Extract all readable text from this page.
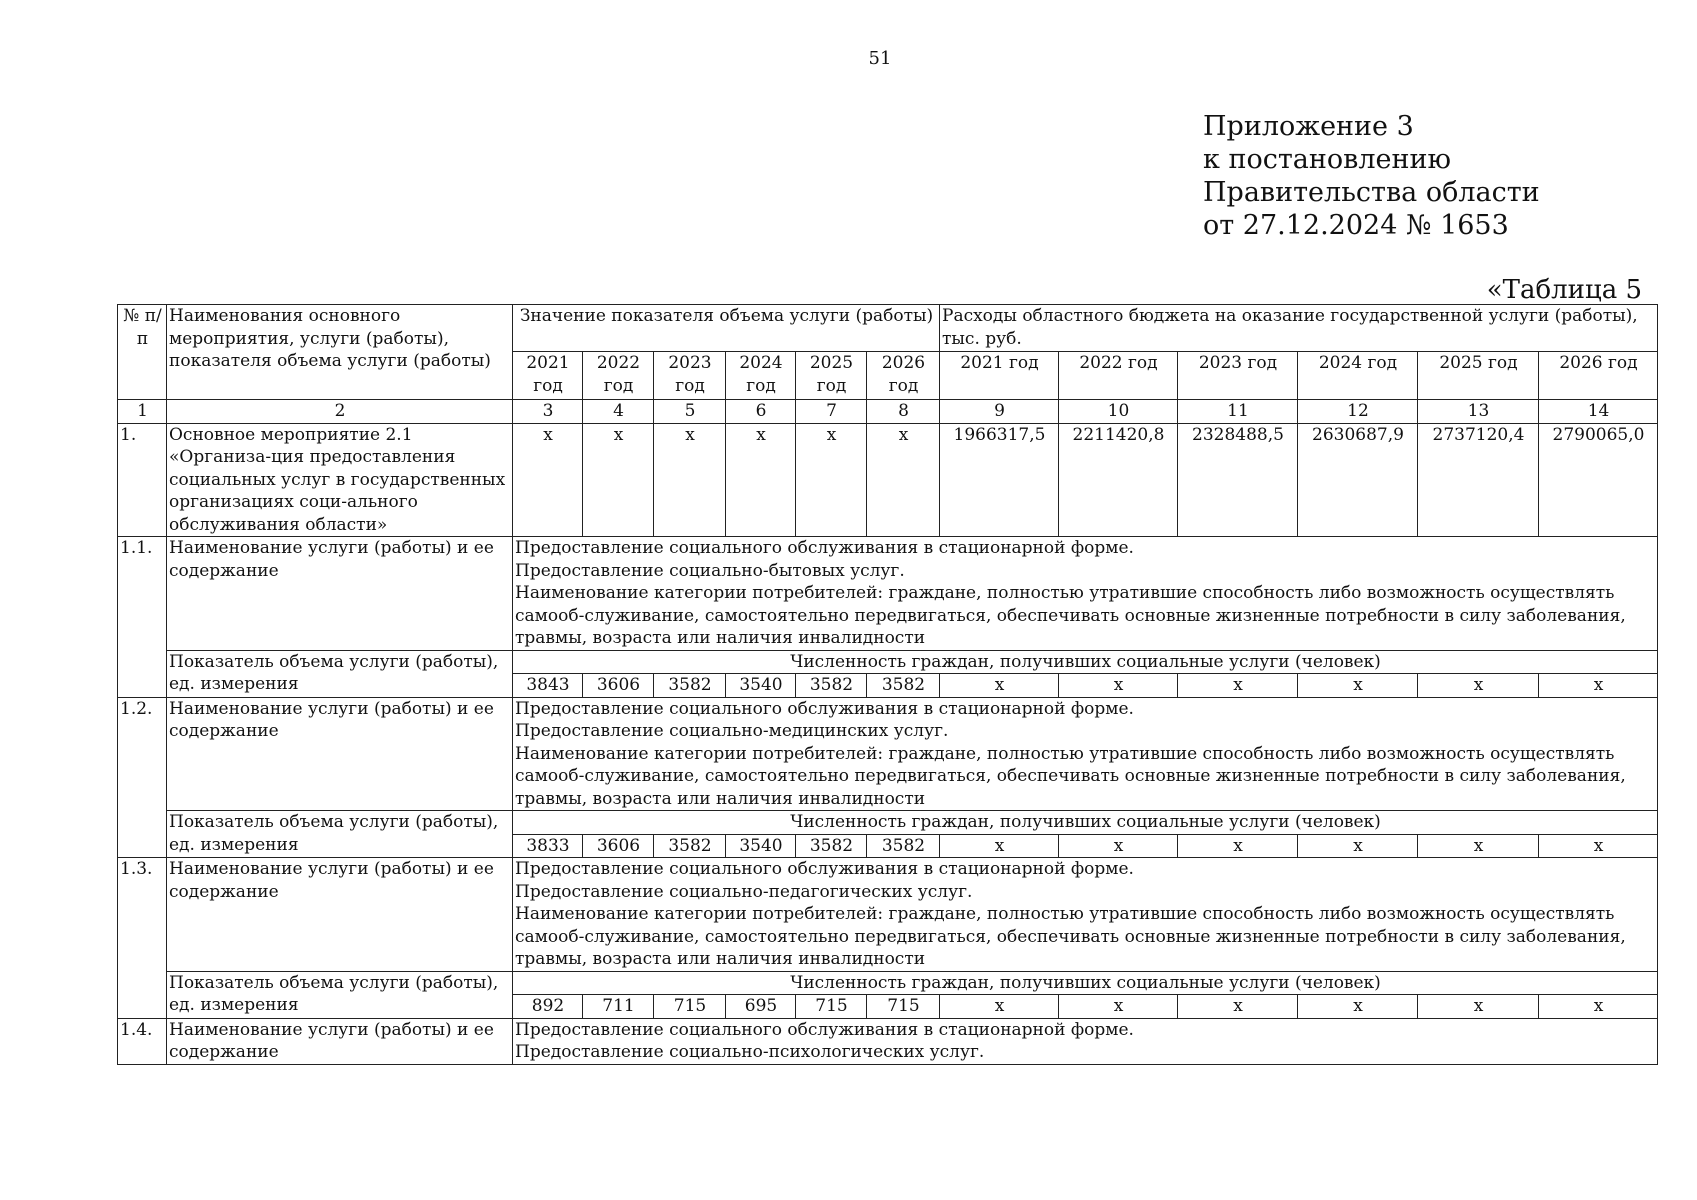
51
Приложение 3
к постановлению
Правительства области
от 27.12.2024 № 1653
«Таблица 5
№ п/п	Наименования основного мероприятия, услуги (работы), показателя объема услуги (работы)	Значение показателя объема услуги (работы)						Расходы областного бюджета на оказание государственной услуги (работы), тыс. руб.					
		2021 год	2022 год	2023 год	2024 год	2025 год	2026 год	2021 год	2022 год	2023 год	2024 год	2025 год	2026 год
1	2	3	4	5	6	7	8	9	10	11	12	13	14
1.	Основное мероприятие 2.1 «Организа-ция предоставления социальных услуг в государственных организациях соци-ального обслуживания области»	х	х	х	х	х	х	1966317,5	2211420,8	2328488,5	2630687,9	2737120,4	2790065,0
1.1.	Наименование услуги (работы) и ее содержание	Предоставление социального обслуживания в стационарной форме.
Предоставление социально-бытовых услуг.
Наименование категории потребителей: граждане, полностью утратившие способность либо возможность осуществлять самооб-служивание, самостоятельно передвигаться, обеспечивать основные жизненные потребности в силу заболевания, травмы, возраста или наличия инвалидности											

	Показатель объема услуги (работы), ед. измерения	Численность граждан, получивших социальные услуги (человек)											
		3843	3606	3582	3540	3582	3582	х	х	х	х	х	х
1.2.	Наименование услуги (работы) и ее содержание	Предоставление социального обслуживания в стационарной форме.
Предоставление социально-медицинских услуг.
Наименование категории потребителей: граждане, полностью утратившие способность либо возможность осуществлять самооб-служивание, самостоятельно передвигаться, обеспечивать основные жизненные потребности в силу заболевания, травмы, возраста или наличия инвалидности											

	Показатель объема услуги (работы), ед. измерения	Численность граждан, получивших социальные услуги (человек)											
		3833	3606	3582	3540	3582	3582	х	х	х	х	х	х
1.3.	Наименование услуги (работы) и ее содержание	Предоставление социального обслуживания в стационарной форме.
Предоставление социально-педагогических услуг.
Наименование категории потребителей: граждане, полностью утратившие способность либо возможность осуществлять самооб-служивание, самостоятельно передвигаться, обеспечивать основные жизненные потребности в силу заболевания, травмы, возраста или наличия инвалидности											

	Показатель объема услуги (работы), ед. измерения	Численность граждан, получивших социальные услуги (человек)											
		892	711	715	695	715	715	х	х	х	х	х	х
1.4.	Наименование услуги (работы) и ее содержание	Предоставление социального обслуживания в стационарной форме.
Предоставление социально-психологических услуг.											
